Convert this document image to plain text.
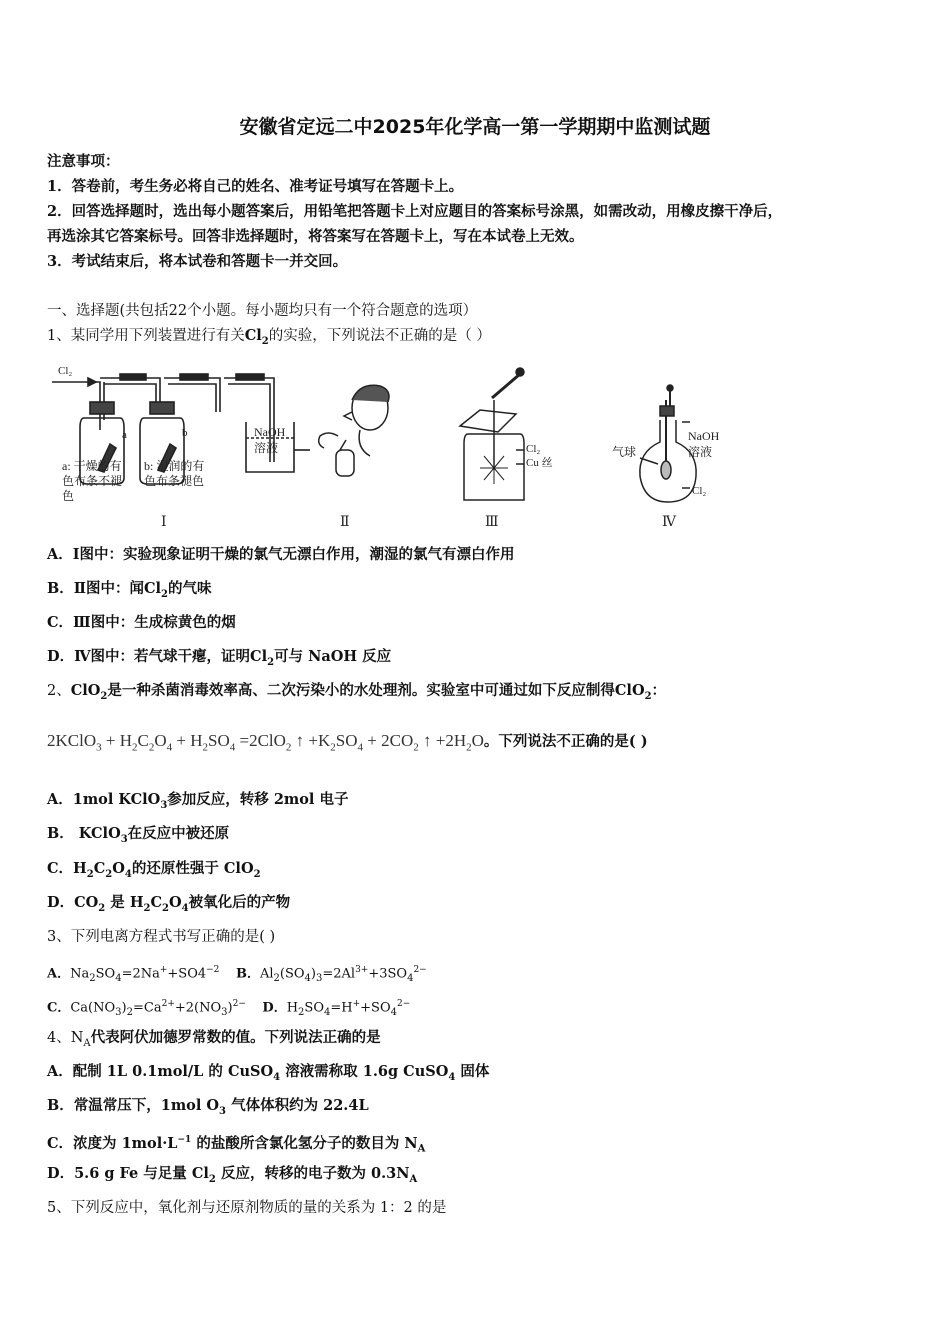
安徽省定远二中2025年化学高一第一学期期中监测试题
注意事项：
1．答卷前，考生务必将自己的姓名、准考证号填写在答题卡上。
2．回答选择题时，选出每小题答案后，用铅笔把答题卡上对应题目的答案标号涂黑，如需改动，用橡皮擦干净后，
再选涂其它答案标号。回答非选择题时，将答案写在答题卡上，写在本试卷上无效。
3．考试结束后，将本试卷和答题卡一并交回。
一、选择题(共包括22个小题。每小题均只有一个符合题意的选项）
1、某同学用下列装置进行有关$Cl_2$的实验，下列说法不正确的是（ ）
Cl₂
a	b	NaOH
溶液
a: 干燥的有
色布条不褪
色
b: 湿润的有
色布条褪色
Cl₂
Cu 丝
气球
NaOH
溶液
Cl₂
Ⅰ	Ⅱ	Ⅲ	Ⅳ
A．Ⅰ图中：实验现象证明干燥的氯气无漂白作用，潮湿的氯气有漂白作用
B．Ⅱ图中：闻$Cl_2$的气味
C．Ⅲ图中：生成棕黄色的烟
D．Ⅳ图中：若气球干瘪，证明$Cl_2$可与 NaOH 反应
2、ClO$_2$是一种杀菌消毒效率高、二次污染小的水处理剂。实验室中可通过如下反应制得ClO$_2$：
2KClO$_3$ + $H_2C_2O_4 + H_2SO_4 =2ClO_2$ ↑ $+K_2SO_4 + 2CO_2$ ↑ $+2H_2O$。下列说法不正确的是( )
A．1mol KClO$_3$参加反应，转移 2mol 电子
B． KClO$_3$在反应中被还原
C．$H_2C_2O_4$的还原性强于 ClO$_2$
D．$CO_2$ 是 $H_2C_2O_4$被氧化后的产物
3、下列电离方程式书写正确的是( )
A．$Na_2SO_4=2Na^++SO4^{-2}$ B．$Al_2(SO_4)_3=2Al^{3+}+3SO_4^{2-}$
C．$Ca(NO_3)_2=Ca^{2+}+2(NO_3)^{2-}$ D．$H_2SO_4=H^++SO_4^{2-}$
4、$N_A$代表阿伏加德罗常数的值。下列说法正确的是
A．配制 1L 0.1mol/L 的 CuSO$_4$ 溶液需称取 1.6g CuSO$_4$ 固体
B．常温常压下，1mol $O_3$ 气体体积约为 22.4L
C．浓度为 $1mol\cdot L^{-1}$ 的盐酸所含氯化氢分子的数目为 $N_A$
D．5.6 g Fe 与足量 $Cl_2$ 反应，转移的电子数为 $0.3N_A$
5、下列反应中，氧化剂与还原剂物质的量的关系为 1：2 的是
